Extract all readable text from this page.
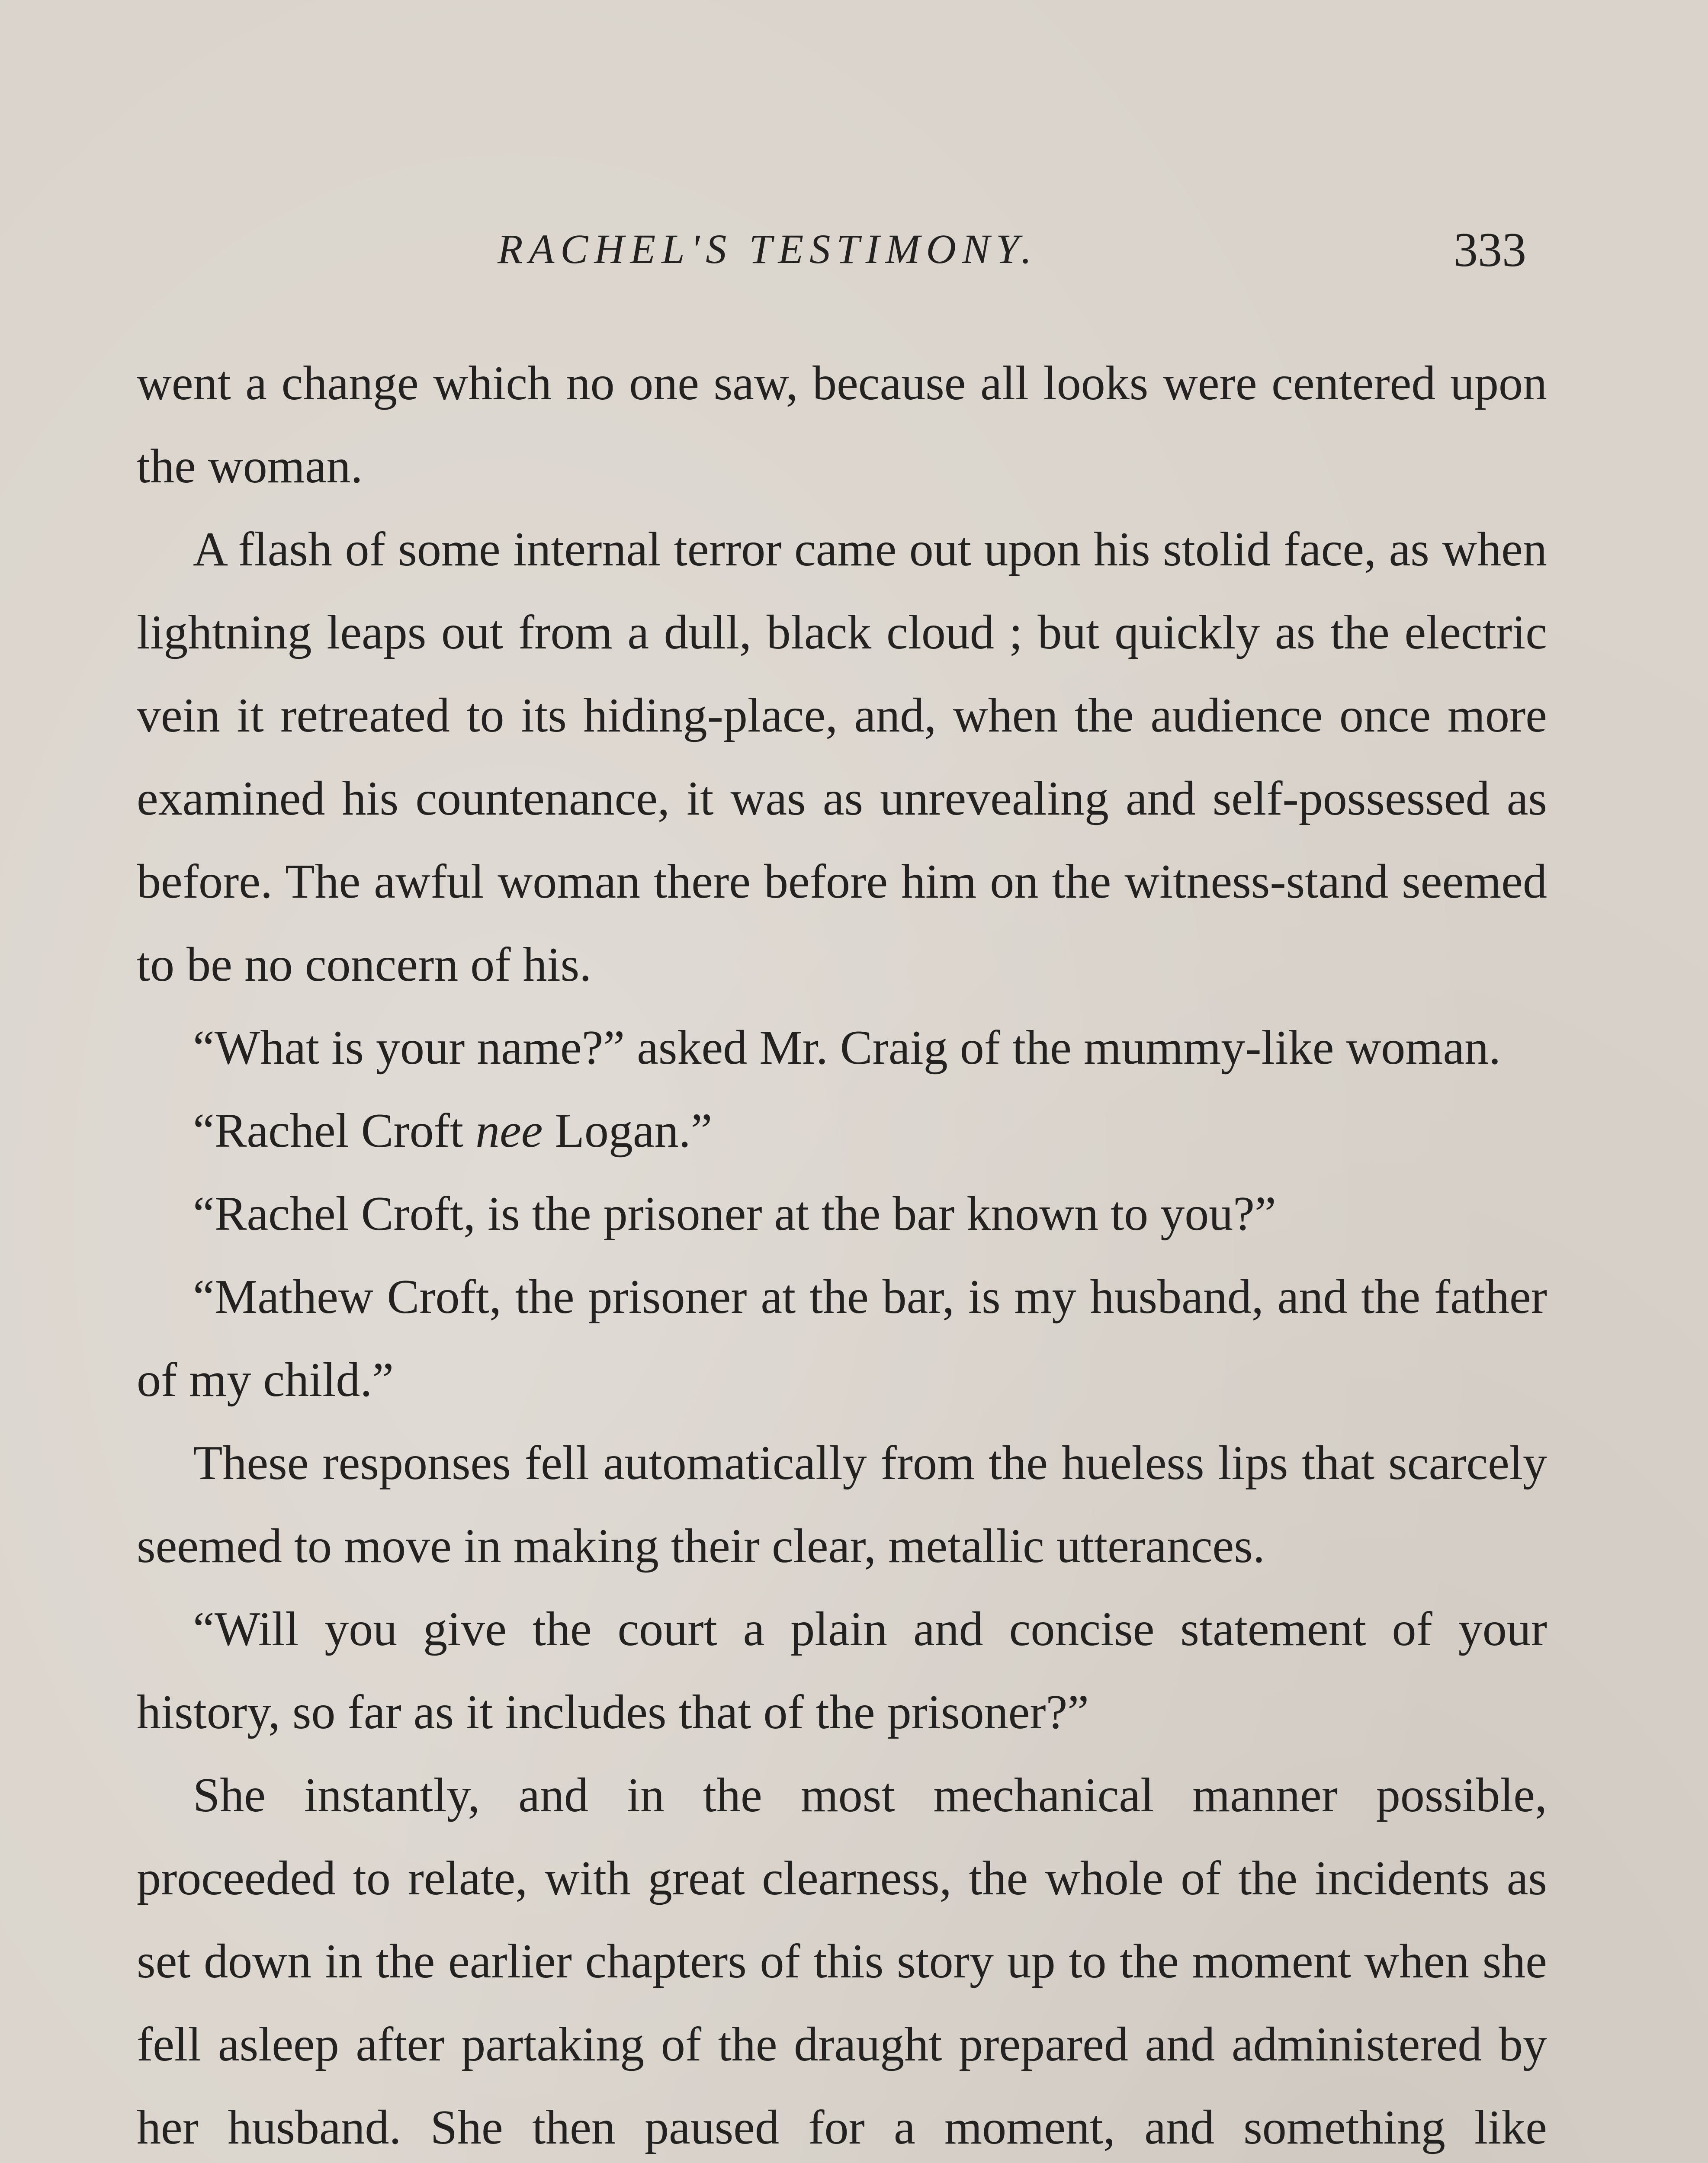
RACHEL'S TESTIMONY.	333

went a change which no one saw, because all looks were centered upon the woman.

A flash of some internal terror came out upon his stolid face, as when lightning leaps out from a dull, black cloud ; but quickly as the electric vein it retreated to its hiding-place, and, when the audience once more examined his countenance, it was as unrevealing and self-possessed as before. The awful woman there before him on the witness-stand seemed to be no concern of his.

“What is your name?” asked Mr. Craig of the mummy-like woman.

“Rachel Croft nee Logan.”

“Rachel Croft, is the prisoner at the bar known to you?”

“Mathew Croft, the prisoner at the bar, is my husband, and the father of my child.”

These responses fell automatically from the hueless lips that scarcely seemed to move in making their clear, metallic utterances.

“Will you give the court a plain and concise statement of your history, so far as it includes that of the prisoner?”

She instantly, and in the most mechanical manner possible, proceeded to relate, with great clearness, the whole of the incidents as set down in the earlier chapters of this story up to the moment when she fell asleep after partaking of the draught prepared and administered by her husband. She then paused for a moment, and something like
